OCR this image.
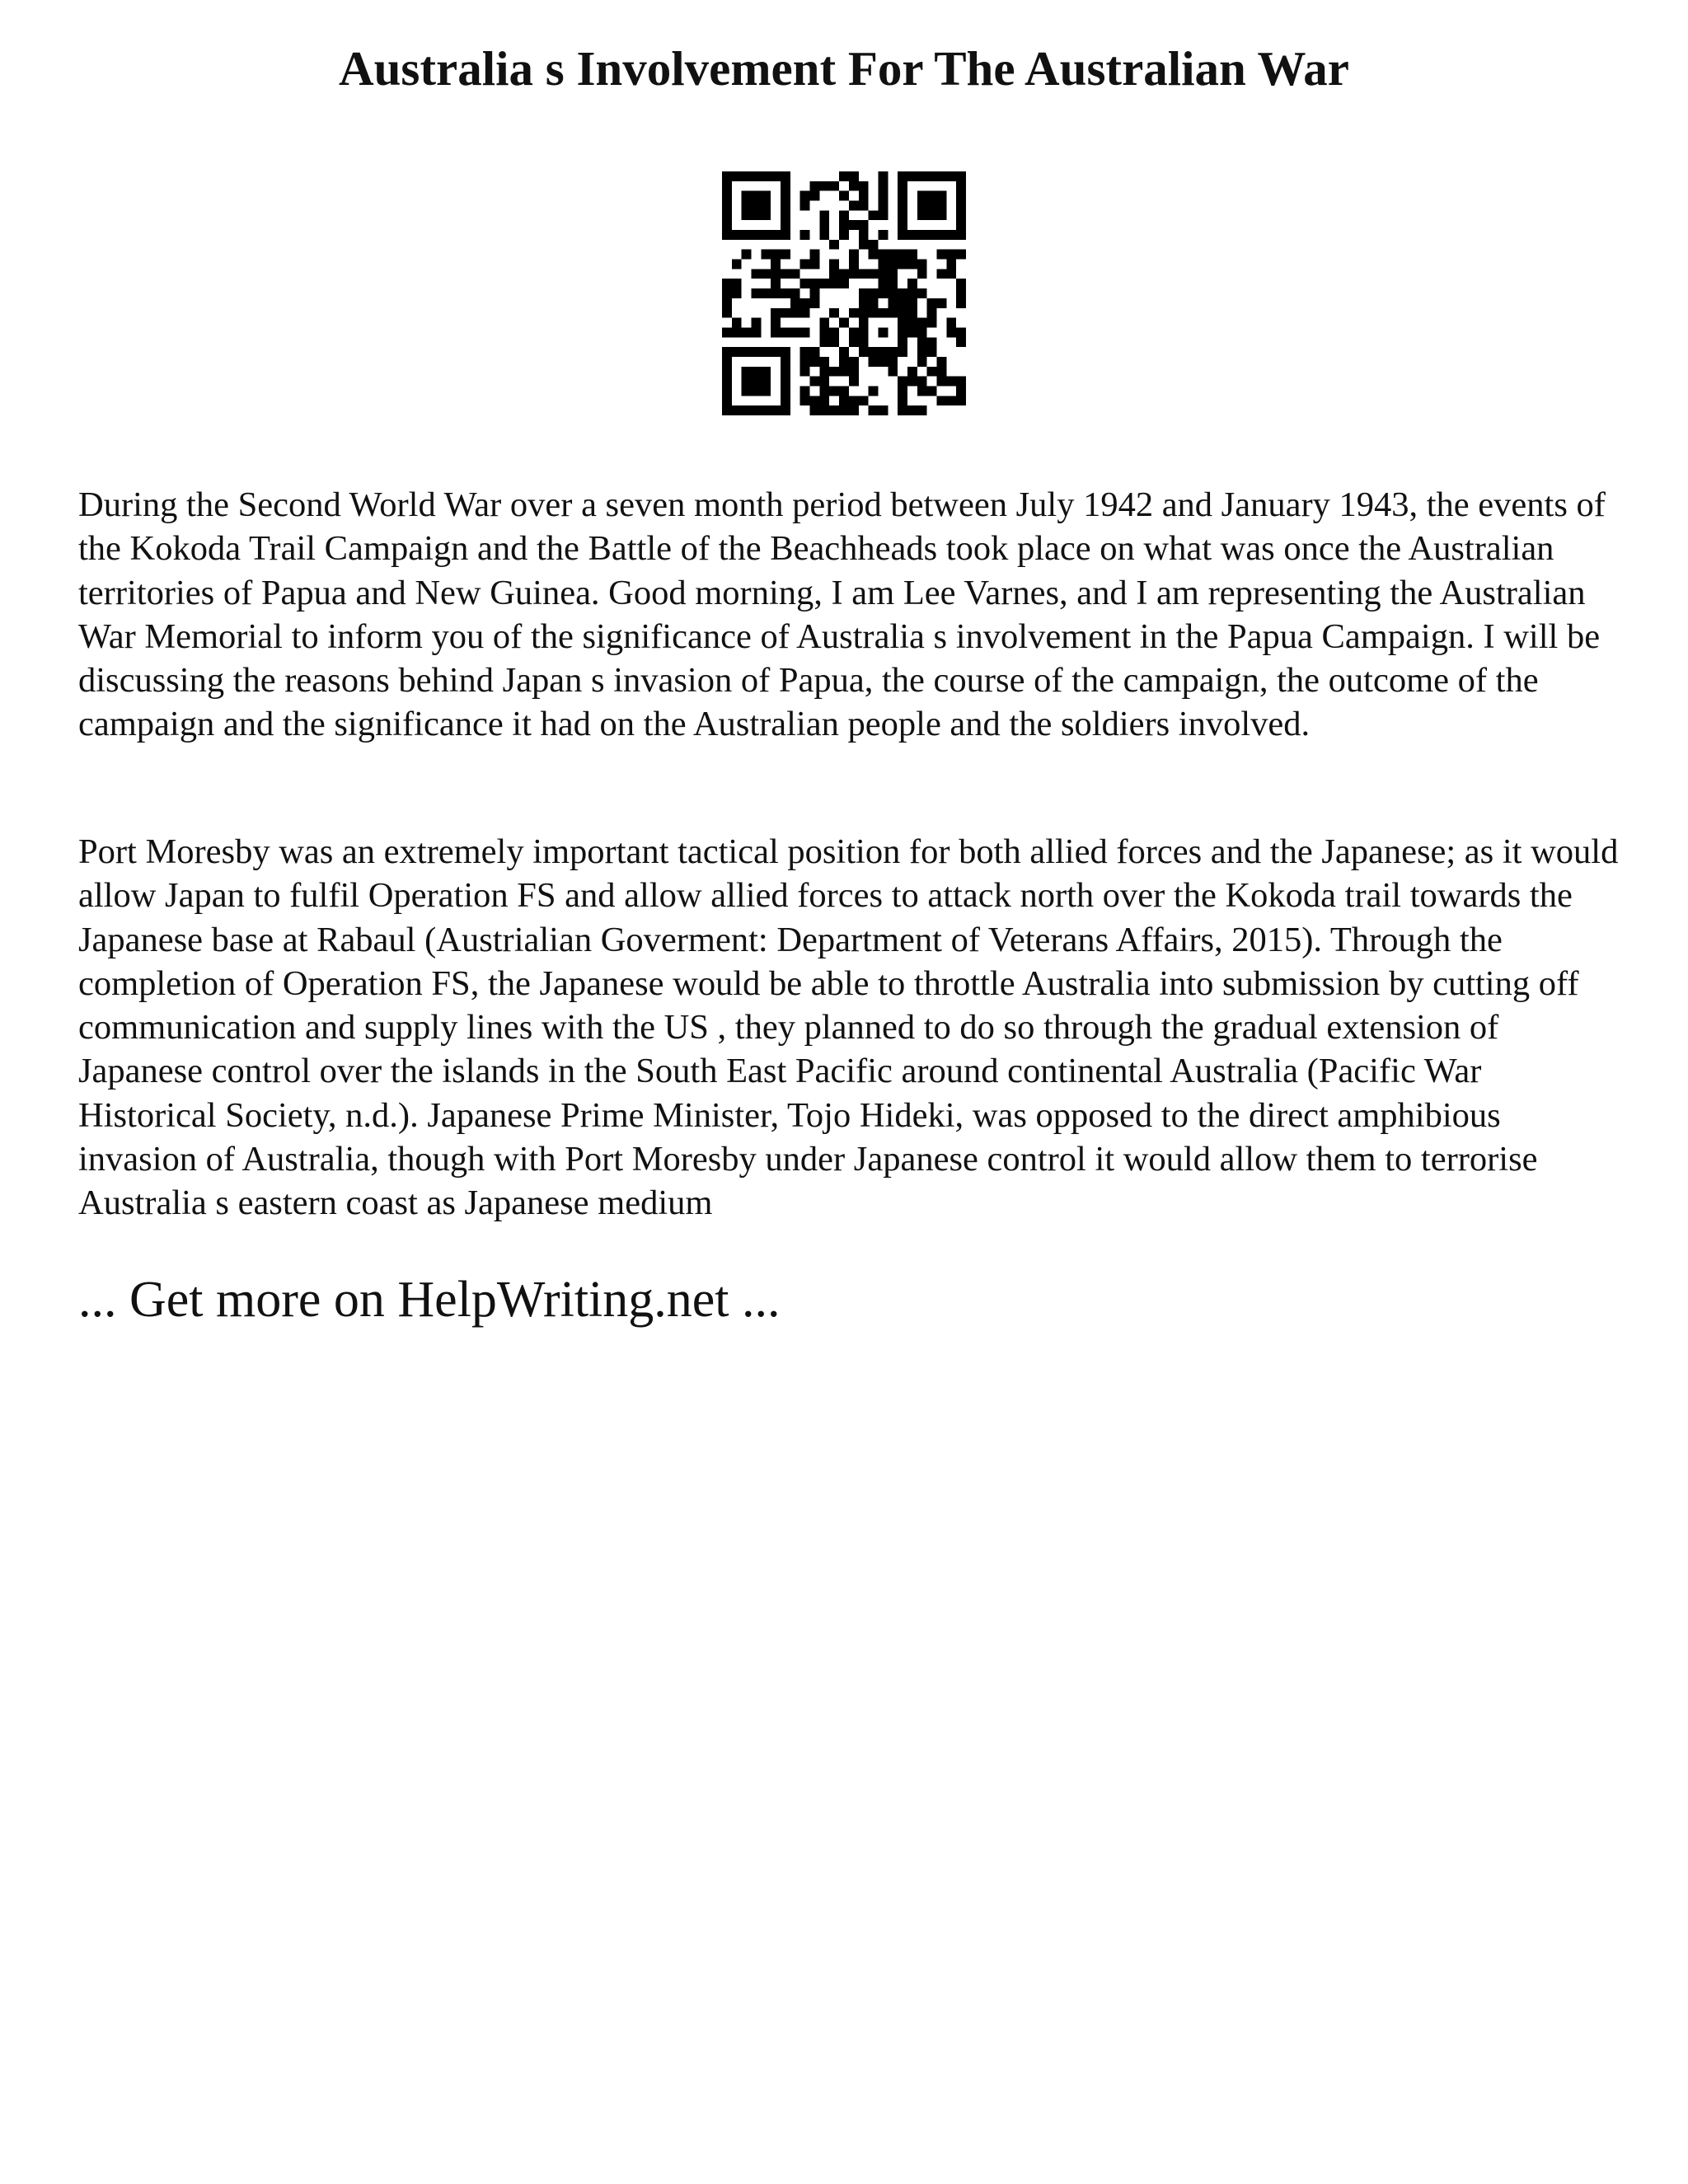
Australia s Involvement For The Australian War

During the Second World War over a seven month period between July 1942 and January 1943, the events of the Kokoda Trail Campaign and the Battle of the Beachheads took place on what was once the Australian territories of Papua and New Guinea. Good morning, I am Lee Varnes, and I am representing the Australian War Memorial to inform you of the significance of Australia s involvement in the Papua Campaign. I will be discussing the reasons behind Japan s invasion of Papua, the course of the campaign, the outcome of the campaign and the significance it had on the Australian people and the soldiers involved.

Port Moresby was an extremely important tactical position for both allied forces and the Japanese; as it would allow Japan to fulfil Operation FS and allow allied forces to attack north over the Kokoda trail towards the Japanese base at Rabaul (Austrialian Goverment: Department of Veterans Affairs, 2015). Through the completion of Operation FS, the Japanese would be able to throttle Australia into submission by cutting off communication and supply lines with the US , they planned to do so through the gradual extension of Japanese control over the islands in the South East Pacific around continental Australia (Pacific War Historical Society, n.d.). Japanese Prime Minister, Tojo Hideki, was opposed to the direct amphibious invasion of Australia, though with Port Moresby under Japanese control it would allow them to terrorise Australia s eastern coast as Japanese medium

... Get more on HelpWriting.net ...
